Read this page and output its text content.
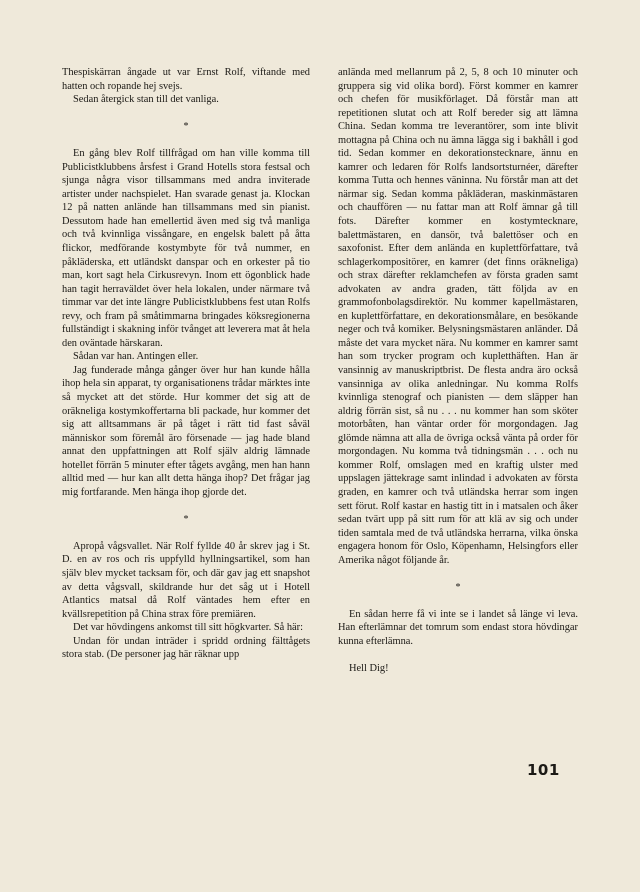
Thespiskärran ångade ut var Ernst Rolf, viftande med hatten och ropande hej svejs.

Sedan återgick stan till det vanliga.

*

En gång blev Rolf tillfrågad om han ville komma till Publicistklubbens årsfest i Grand Hotells stora festsal och sjunga några visor tillsammans med andra inviterade artister under nachspielet. Han svarade genast ja. Klockan 12 på natten anlände han tillsammans med sin pianist. Dessutom hade han emellertid även med sig två manliga och två kvinnliga vissångare, en engelsk balett på åtta flickor, medförande kostymbyte för två nummer, en påkläderska, ett utländskt danspar och en orkester på tio man, kort sagt hela Cirkusrevyn. Inom ett ögonblick hade han tagit herraväldet över hela lokalen, under närmare två timmar var det inte längre Publicistklubbens fest utan Rolfs revy, och fram på småtimmarna bringades köksregionerna fullständigt i skakning inför tvånget att leverera mat åt hela den oväntade härskaran.

Sådan var han. Antingen eller.

Jag funderade många gånger över hur han kunde hålla ihop hela sin apparat, ty organisationens trådar märktes inte så mycket att det störde. Hur kommer det sig att de oräkneliga kostymkoffertarna bli packade, hur kommer det sig att alltsammans är på tåget i rätt tid fast såväl människor som föremål äro försenade — jag hade bland annat den uppfattningen att Rolf själv aldrig lämnade hotellet förrän 5 minuter efter tågets avgång, men han hann alltid med — hur kan allt detta hänga ihop? Det frågar jag mig fortfarande. Men hänga ihop gjorde det.

*

Apropå vågsvallet. När Rolf fyllde 40 år skrev jag i St. D. en av ros och ris uppfylld hyllningsartikel, som han själv blev mycket tacksam för, och där gav jag ett snapshot av detta vågsvall, skildrande hur det såg ut i Hotell Atlantics matsal då Rolf väntades hem efter en kvällsrepetition på China strax före premiären.

Det var hövdingens ankomst till sitt högkvarter. Så här:

Undan för undan inträder i spridd ordning fälttågets stora stab. (De personer jag här räknar upp

anlända med mellanrum på 2, 5, 8 och 10 minuter och gruppera sig vid olika bord). Först kommer en kamrer och chefen för musikförlaget. Då förstår man att repetitionen slutat och att Rolf bereder sig att lämna China. Sedan komma tre leverantörer, som inte blivit mottagna på China och nu ämna lägga sig i bakhåll i god tid. Sedan kommer en dekorationstecknare, ännu en kamrer och ledaren för Rolfs landsortsturnéer, därefter komma Tutta och hennes väninna. Nu förstår man att det närmar sig. Sedan komma påkläderan, maskinmästaren och chauffören — nu fattar man att Rolf ämnar gå till fots. Därefter kommer en kostymtecknare, balettmästaren, en dansör, två balettöser och en saxofonist. Efter dem anlända en kuplettförfattare, två schlagerkompositörer, en kamrer (det finns oräkneliga) och strax därefter reklamchefen av första graden samt advokaten av andra graden, tätt följda av en grammofonbolagsdirektör. Nu kommer kapellmästaren, en kuplettförfattare, en dekorationsmålare, en besökande neger och två komiker. Belysningsmästaren anländer. Då måste det vara mycket nära. Nu kommer en kamrer samt han som trycker program och kupletthäften. Han är vansinnig av manuskriptbrist. De flesta andra äro också vansinniga av olika anledningar. Nu komma Rolfs kvinnliga stenograf och pianisten — dem släpper han aldrig förrän sist, så nu . . . nu kommer han som sköter motorbåten, han väntar order för morgondagen. Jag glömde nämna att alla de övriga också vänta på order för morgondagen. Nu komma två tidningsmän . . . och nu kommer Rolf, omslagen med en kraftig ulster med uppslagen jättekrage samt inlindad i advokaten av första graden, en kamrer och två utländska herrar som ingen sett förut. Rolf kastar en hastig titt in i matsalen och åker sedan tvärt upp på sitt rum för att klä av sig och under tiden samtala med de två utländska herrarna, vilka önska engagera honom för Oslo, Köpenhamn, Helsingfors eller Amerika något följande år.

*

En sådan herre få vi inte se i landet så länge vi leva. Han efterlämnar det tomrum som endast stora hövdingar kunna efterlämna.

Hell Dig!

101
